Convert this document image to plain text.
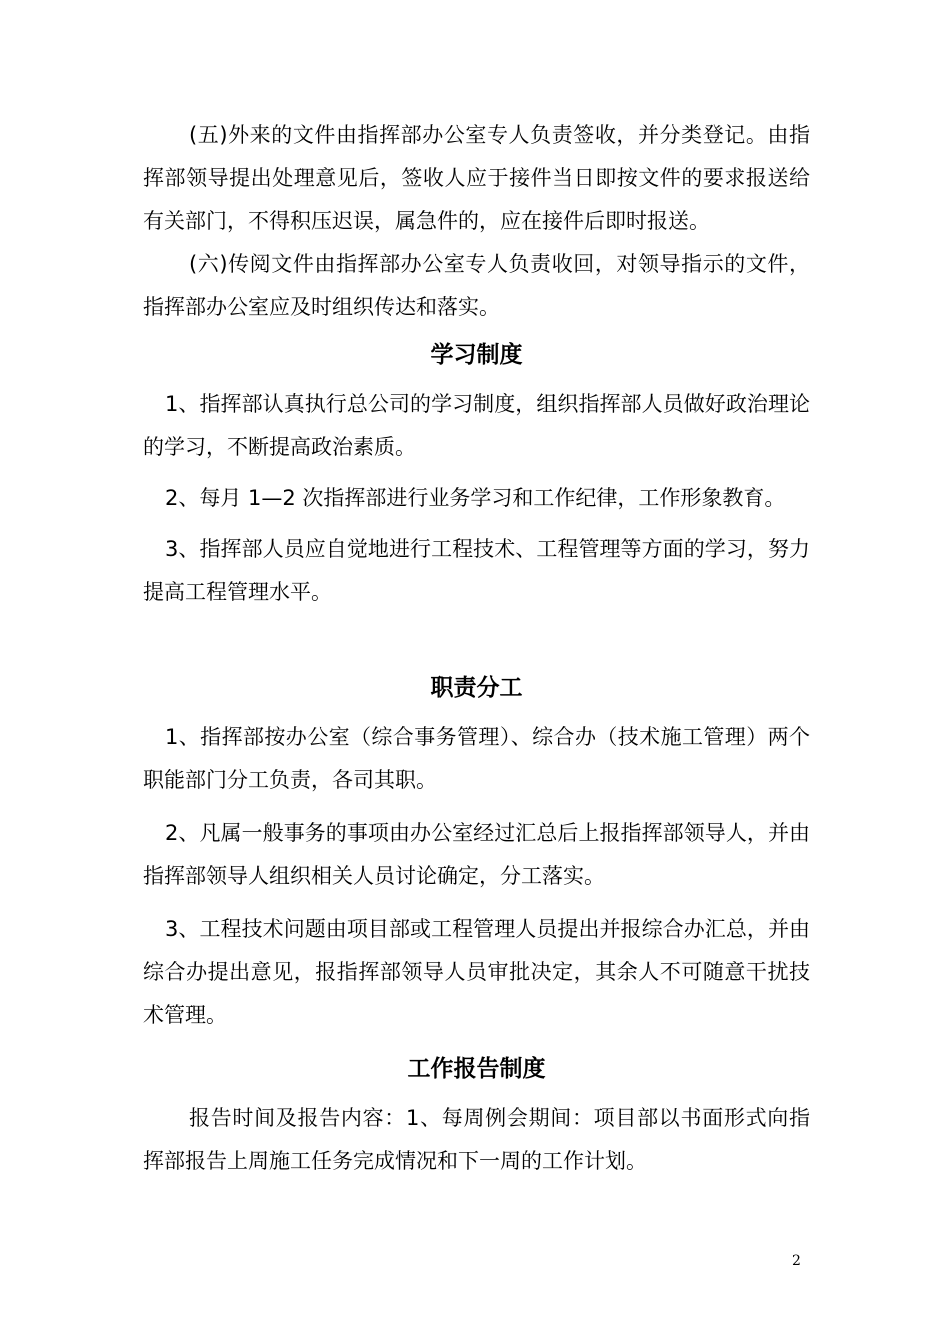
(五)外来的文件由指挥部办公室专人负责签收，并分类登记。由指挥部领导提出处理意见后，签收人应于接件当日即按文件的要求报送给有关部门，不得积压迟误，属急件的，应在接件后即时报送。

(六)传阅文件由指挥部办公室专人负责收回，对领导指示的文件，指挥部办公室应及时组织传达和落实。

学习制度

1、指挥部认真执行总公司的学习制度，组织指挥部人员做好政治理论的学习，不断提高政治素质。

2、每月 1—2 次指挥部进行业务学习和工作纪律，工作形象教育。

3、指挥部人员应自觉地进行工程技术、工程管理等方面的学习，努力提高工程管理水平。

职责分工

1、指挥部按办公室（综合事务管理）、综合办（技术施工管理）两个职能部门分工负责，各司其职。

2、凡属一般事务的事项由办公室经过汇总后上报指挥部领导人，并由指挥部领导人组织相关人员讨论确定，分工落实。

3、工程技术问题由项目部或工程管理人员提出并报综合办汇总，并由综合办提出意见，报指挥部领导人员审批决定，其余人不可随意干扰技术管理。

工作报告制度

报告时间及报告内容：1、每周例会期间：项目部以书面形式向指挥部报告上周施工任务完成情况和下一周的工作计划。

2
